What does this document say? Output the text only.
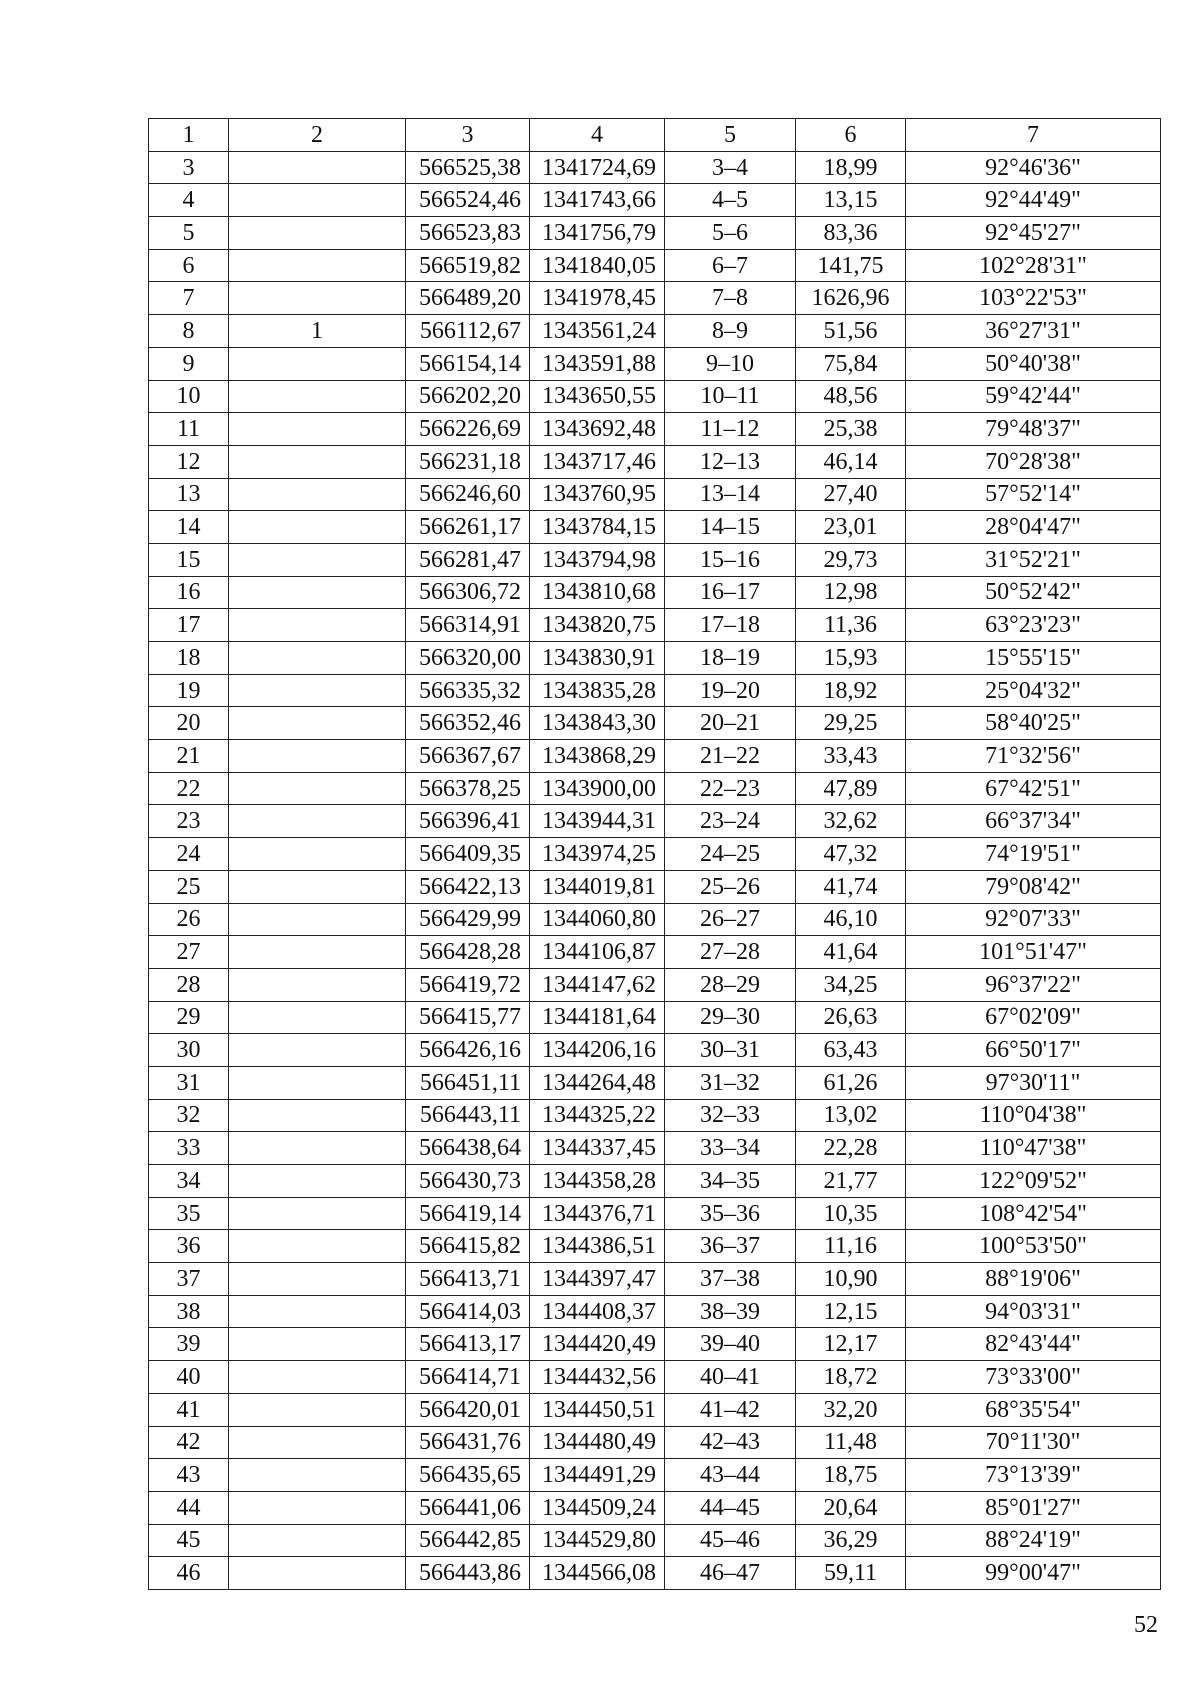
1	2	3	4	5	6	7
3		566525,38	1341724,69	3–4	18,99	92°46'36"
4		566524,46	1341743,66	4–5	13,15	92°44'49"
5		566523,83	1341756,79	5–6	83,36	92°45'27"
6		566519,82	1341840,05	6–7	141,75	102°28'31"
7		566489,20	1341978,45	7–8	1626,96	103°22'53"
8	1	566112,67	1343561,24	8–9	51,56	36°27'31"
9		566154,14	1343591,88	9–10	75,84	50°40'38"
10		566202,20	1343650,55	10–11	48,56	59°42'44"
11		566226,69	1343692,48	11–12	25,38	79°48'37"
12		566231,18	1343717,46	12–13	46,14	70°28'38"
13		566246,60	1343760,95	13–14	27,40	57°52'14"
14		566261,17	1343784,15	14–15	23,01	28°04'47"
15		566281,47	1343794,98	15–16	29,73	31°52'21"
16		566306,72	1343810,68	16–17	12,98	50°52'42"
17		566314,91	1343820,75	17–18	11,36	63°23'23"
18		566320,00	1343830,91	18–19	15,93	15°55'15"
19		566335,32	1343835,28	19–20	18,92	25°04'32"
20		566352,46	1343843,30	20–21	29,25	58°40'25"
21		566367,67	1343868,29	21–22	33,43	71°32'56"
22		566378,25	1343900,00	22–23	47,89	67°42'51"
23		566396,41	1343944,31	23–24	32,62	66°37'34"
24		566409,35	1343974,25	24–25	47,32	74°19'51"
25		566422,13	1344019,81	25–26	41,74	79°08'42"
26		566429,99	1344060,80	26–27	46,10	92°07'33"
27		566428,28	1344106,87	27–28	41,64	101°51'47"
28		566419,72	1344147,62	28–29	34,25	96°37'22"
29		566415,77	1344181,64	29–30	26,63	67°02'09"
30		566426,16	1344206,16	30–31	63,43	66°50'17"
31		566451,11	1344264,48	31–32	61,26	97°30'11"
32		566443,11	1344325,22	32–33	13,02	110°04'38"
33		566438,64	1344337,45	33–34	22,28	110°47'38"
34		566430,73	1344358,28	34–35	21,77	122°09'52"
35		566419,14	1344376,71	35–36	10,35	108°42'54"
36		566415,82	1344386,51	36–37	11,16	100°53'50"
37		566413,71	1344397,47	37–38	10,90	88°19'06"
38		566414,03	1344408,37	38–39	12,15	94°03'31"
39		566413,17	1344420,49	39–40	12,17	82°43'44"
40		566414,71	1344432,56	40–41	18,72	73°33'00"
41		566420,01	1344450,51	41–42	32,20	68°35'54"
42		566431,76	1344480,49	42–43	11,48	70°11'30"
43		566435,65	1344491,29	43–44	18,75	73°13'39"
44		566441,06	1344509,24	44–45	20,64	85°01'27"
45		566442,85	1344529,80	45–46	36,29	88°24'19"
46		566443,86	1344566,08	46–47	59,11	99°00'47"
52
